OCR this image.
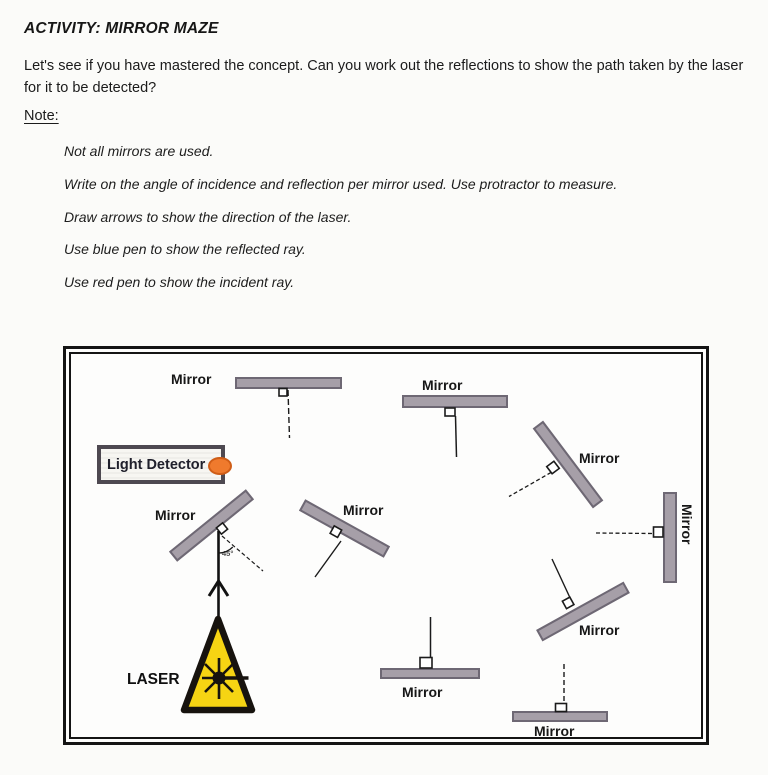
ACTIVITY: MIRROR MAZE
Let's see if you have mastered the concept. Can you work out the reflections to show the path taken by the laser for it to be detected?
Note:

Not all mirrors are used.

Write on the angle of incidence and reflection per mirror used. Use protractor to measure.

Draw arrows to show the direction of the laser.

Use blue pen to show the reflected ray.

Use red pen to show the incident ray.

Mirror	Mirror
Mirror
Mirror
Mirror
Mirror
Mirror
Mirror
Mirror
Light Detector
LASER
45°
